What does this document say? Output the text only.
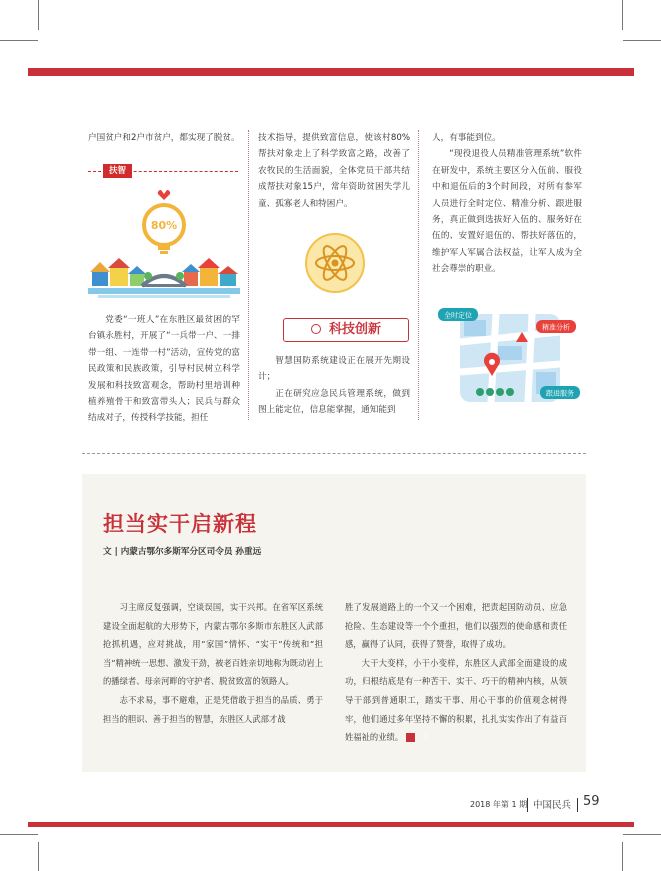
户国贫户和2户市贫户，都实现了脱贫。

扶智
80%

党委“一班人”在东胜区最贫困的罕台镇永胜村，开展了“一兵带一户、一排带一组、一连带一村”活动，宣传党的富民政策和民族政策，引导村民树立科学发展和科技致富观念，帮助村里培训种植养殖骨干和致富带头人；民兵与群众结成对子，传授科学技能，担任

技术指导，提供致富信息，使该村80%帮扶对象走上了科学致富之路，改善了农牧民的生活面貌，全体党员干部共结成帮扶对象15户，常年资助贫困失学儿童、孤寡老人和特困户。

科技创新

智慧国防系统建设正在展开先期设计；

正在研究应急民兵管理系统，做到图上能定位，信息能掌握，通知能到

人，有事能到位。

“现役退役人员精准管理系统”软件在研发中，系统主要区分入伍前、服役中和退伍后的3个时间段，对所有参军人员进行全时定位、精准分析、跟进服务，真正做到选拔好入伍的、服务好在伍的、安置好退伍的、帮扶好落伍的，维护军人军属合法权益，让军人成为全社会尊崇的职业。

全时定位
精准分析
跟进服务
担当实干启新程
文 | 内蒙古鄂尔多斯军分区司令员 孙重远

习主席反复强调，空谈误国，实干兴邦。在省军区系统建设全面起航的大形势下，内蒙古鄂尔多斯市东胜区人武部抢抓机遇，应对挑战，用“家国”情怀、“实干”传统和“担当”精神统一思想、激发干劲，被老百姓亲切地称为既动岩上的播绿者、母亲河畔的守护者、脱贫致富的领路人。

志不求易，事不避难，正是凭借敢于担当的品质、勇于担当的胆识、善于担当的智慧，东胜区人武部才战

胜了发展道路上的一个又一个困难，把责起国防动员、应急抢险、生态建设等一个个重担，他们以强烈的使命感和责任感，赢得了认同，获得了赞誉，取得了成功。

大干大变样，小干小变样，东胜区人武部全面建设的成功，归根结底是有一种苦干、实干、巧干的精神内核，从领导干部到普通职工，踏实干事、用心干事的价值观念树得牢，他们通过多年坚持不懈的积累，扎扎实实作出了有益百姓福祉的业绩。	兵

2018 年第 1 期 中国民兵 59
